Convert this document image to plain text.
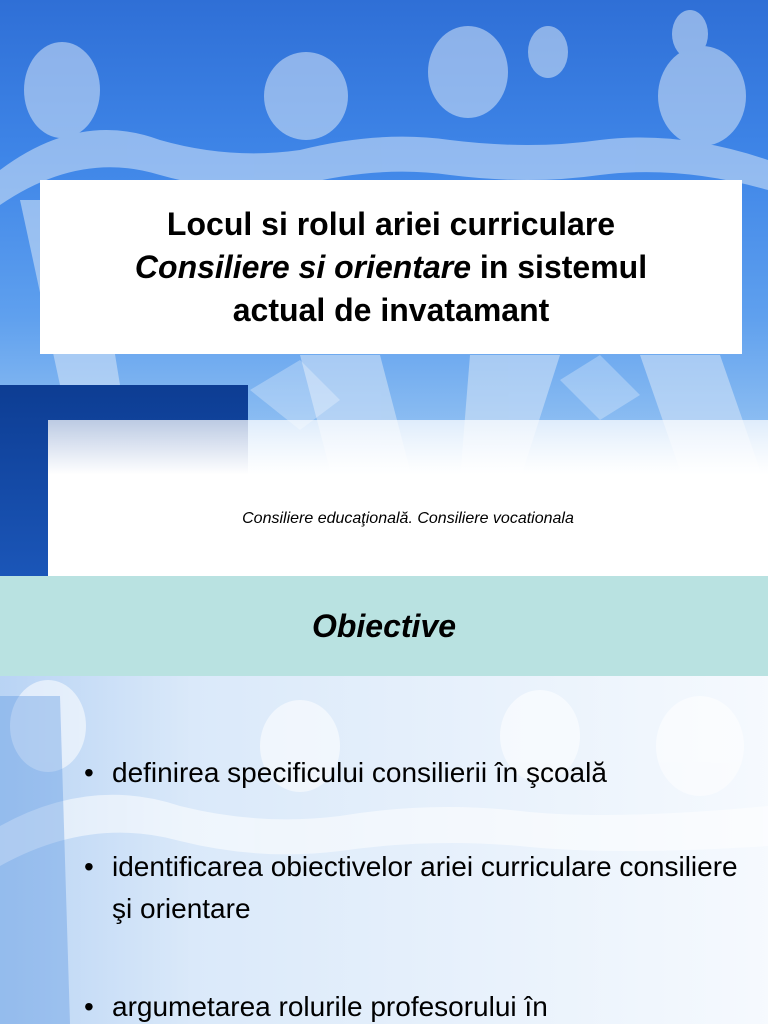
Locul si rolul ariei curriculare
Consiliere si orientare in sistemul
actual de invatamant
Consiliere educaţională. Consiliere vocationala
Obiective
• definirea specificului consilierii în şcoală
• identificarea obiectivelor ariei curriculare consiliere şi orientare
• argumetarea rolurile profesorului în
